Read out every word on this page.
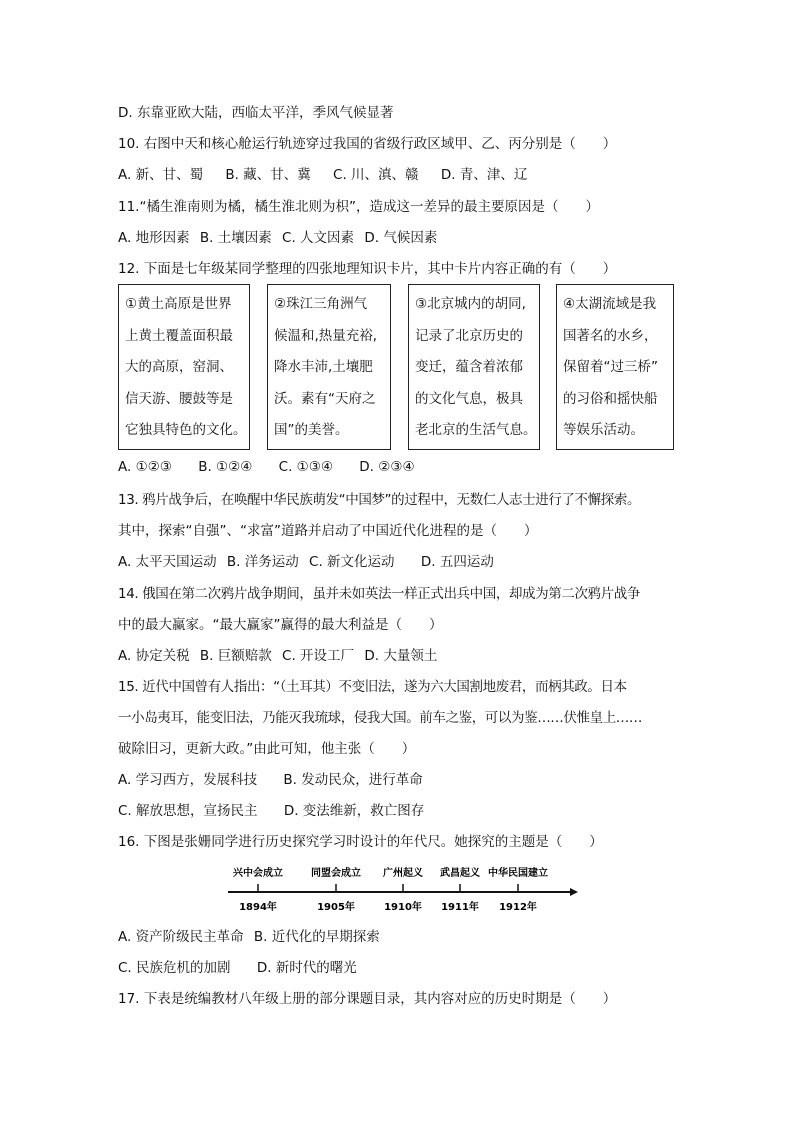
D. 东靠亚欧大陆，西临太平洋，季风气候显著
10. 右图中天和核心舱运行轨迹穿过我国的省级行政区域甲、乙、丙分别是（　　）
A. 新、甘、蜀 B. 藏、甘、冀 C. 川、滇、赣 D. 青、津、辽
11.“橘生淮南则为橘，橘生淮北则为枳”，造成这一差异的最主要原因是（　　）
A. 地形因素 B. 土壤因素 C. 人文因素 D. 气候因素
12. 下面是七年级某同学整理的四张地理知识卡片，其中卡片内容正确的有（　　）
①黄土高原是世界
上黄土覆盖面积最
大的高原，窑洞、
信天游、腰鼓等是
它独具特色的文化。
②珠江三角洲气
候温和,热量充裕,
降水丰沛,土壤肥
沃。素有“天府之
国”的美誉。
③北京城内的胡同,
记录了北京历史的
变迁，蕴含着浓郁
的文化气息，极具
老北京的生活气息。
④太湖流域是我
国著名的水乡，
保留着“过三桥”
的习俗和摇快船
等娱乐活动。
A. ①②③ B. ①②④ C. ①③④ D. ②③④
13. 鸦片战争后，在唤醒中华民族萌发“中国梦”的过程中，无数仁人志士进行了不懈探索。
其中，探索“自强”、“求富”道路并启动了中国近代化进程的是（　　）
A. 太平天国运动 B. 洋务运动 C. 新文化运动 D. 五四运动
14. 俄国在第二次鸦片战争期间，虽并未如英法一样正式出兵中国，却成为第二次鸦片战争
中的最大赢家。“最大赢家”赢得的最大利益是（　　）
A. 协定关税 B. 巨额赔款 C. 开设工厂 D. 大量领土
15. 近代中国曾有人指出：“（土耳其）不变旧法，遂为六大国割地废君，而柄其政。日本
一小岛夷耳，能变旧法，乃能灭我琉球，侵我大国。前车之鉴，可以为鉴……伏惟皇上……
破除旧习，更新大政。”由此可知，他主张（　　）
A. 学习西方，发展科技 B. 发动民众，进行革命
C. 解放思想，宣扬民主 D. 变法维新，救亡图存
16. 下图是张姗同学进行历史探究学习时设计的年代尺。她探究的主题是（　　）
兴中会成立
1894年
同盟会成立
1905年
广州起义
1910年
武昌起义
1911年
中华民国建立
1912年
A. 资产阶级民主革命 B. 近代化的早期探索
C. 民族危机的加剧 D. 新时代的曙光
17. 下表是统编教材八年级上册的部分课题目录，其内容对应的历史时期是（　　）
